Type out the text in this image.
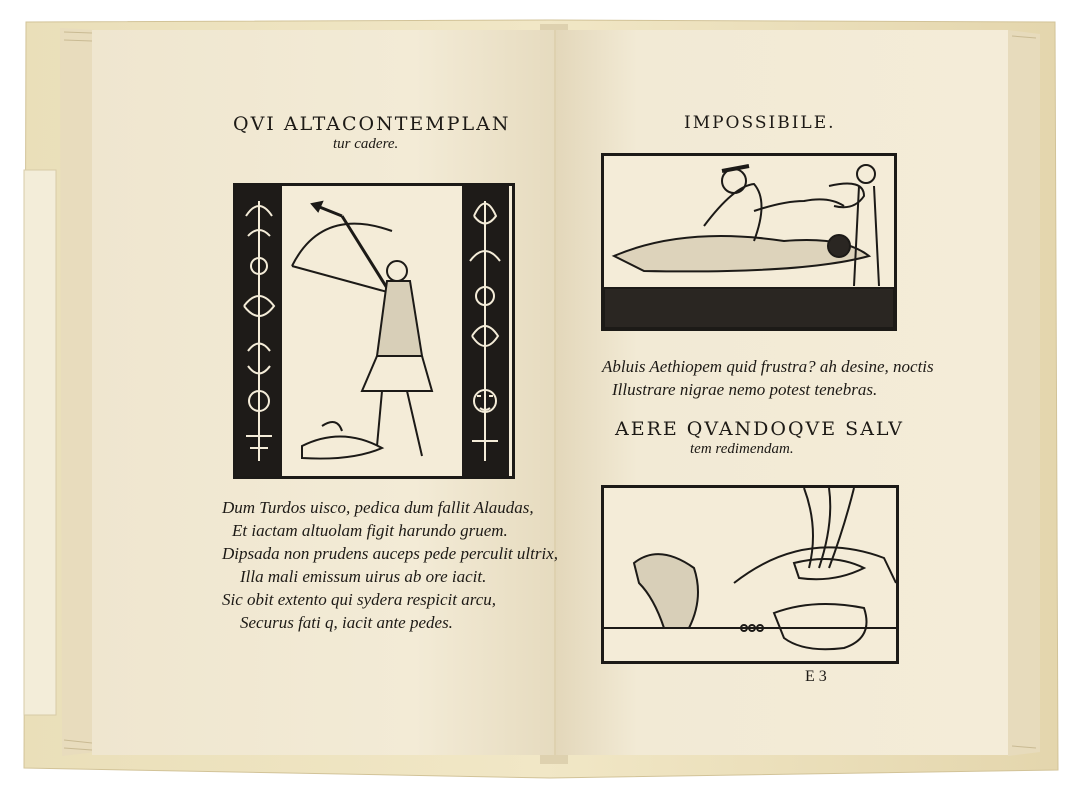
QVI ALTACONTEMPLAN
tur cadere.
Dum Turdos uisco, pedica dum fallit Alaudas,
Et iactam altuolam figit harundo gruem.
Dipsada non prudens auceps pede perculit ultrix,
Illa mali emissum uirus ab ore iacit.
Sic obit extento qui sydera respicit arcu,
Securus fati q, iacit ante pedes.
IMPOSSIBILE.
Abluis Aethiopem quid frustra? ah desine, noctis
Illustrare nigrae nemo potest tenebras.
AERE QVANDOQVE SALV
tem redimendam.
E 3
